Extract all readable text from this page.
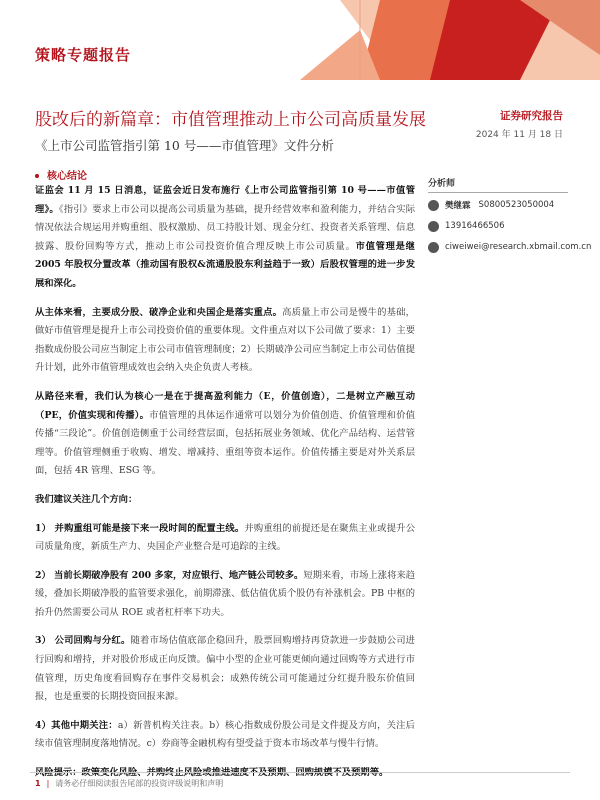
策略专题报告
股改后的新篇章：市值管理推动上市公司高质量发展
《上市公司监管指引第 10 号——市值管理》文件分析
证券研究报告
2024 年 11 月 18 日
核心结论
分析师
樊继霖 S0800523050004
13916466506
ciweiwei@research.xbmail.com.cn

证监会 11 月 15 日消息，证监会近日发布施行《上市公司监管指引第 10 号——市值管理》。《指引》要求上市公司以提高公司质量为基础，提升经营效率和盈利能力，并结合实际情况依法合规运用并购重组、股权激励、员工持股计划、现金分红、投资者关系管理、信息披露、股份回购等方式，推动上市公司投资价值合理反映上市公司质量。市值管理是继 2005 年股权分置改革（推动国有股权&流通股股东利益趋于一致）后股权管理的进一步发展和深化。

从主体来看，主要成分股、破净企业和央国企是落实重点。高质量上市公司是慢牛的基础，做好市值管理是提升上市公司投资价值的重要体现。文件重点对以下公司做了要求：1）主要指数成份股公司应当制定上市公司市值管理制度；2）长期破净公司应当制定上市公司估值提升计划，此外市值管理成效也会纳入央企负责人考核。

从路径来看，我们认为核心一是在于提高盈利能力（E，价值创造），二是树立产融互动（PE，价值实现和传播）。市值管理的具体运作通常可以划分为价值创造、价值管理和价值传播“三段论”。价值创造侧重于公司经营层面，包括拓展业务领域、优化产品结构、运营管理等。价值管理侧重于收购、增发、增减持、重组等资本运作。价值传播主要是对外关系层面，包括 4R 管理、ESG 等。

我们建议关注几个方向：

1） 并购重组可能是接下来一段时间的配置主线。并购重组的前提还是在聚焦主业或提升公司质量角度，新质生产力、央国企产业整合是可追踪的主线。

2） 当前长期破净股有 200 多家，对应银行、地产链公司较多。短期来看，市场上涨将来趋缓，叠加长期破净股的监管要求强化，前期滞涨、低估值优质个股仍有补涨机会。PB 中枢的抬升仍然需要公司从 ROE 或者杠杆率下功夫。

3） 公司回购与分红。随着市场估值底部企稳回升，股票回购增持再贷款进一步鼓励公司进行回购和增持，并对股价形成正向反馈。偏中小型的企业可能更倾向通过回购等方式进行市值管理，历史角度看回购存在事件交易机会；成熟传统公司可能通过分红提升股东价值回报，也是重要的长期投资回报来源。

4）其他中期关注：a）新普机构关注表。b）核心指数成份股公司是文件提及方向，关注后续市值管理制度落地情况。c）券商等金融机构有望受益于资本市场改革与慢牛行情。

1 | 请务必仔细阅读报告尾部的投资评级说明和声明
